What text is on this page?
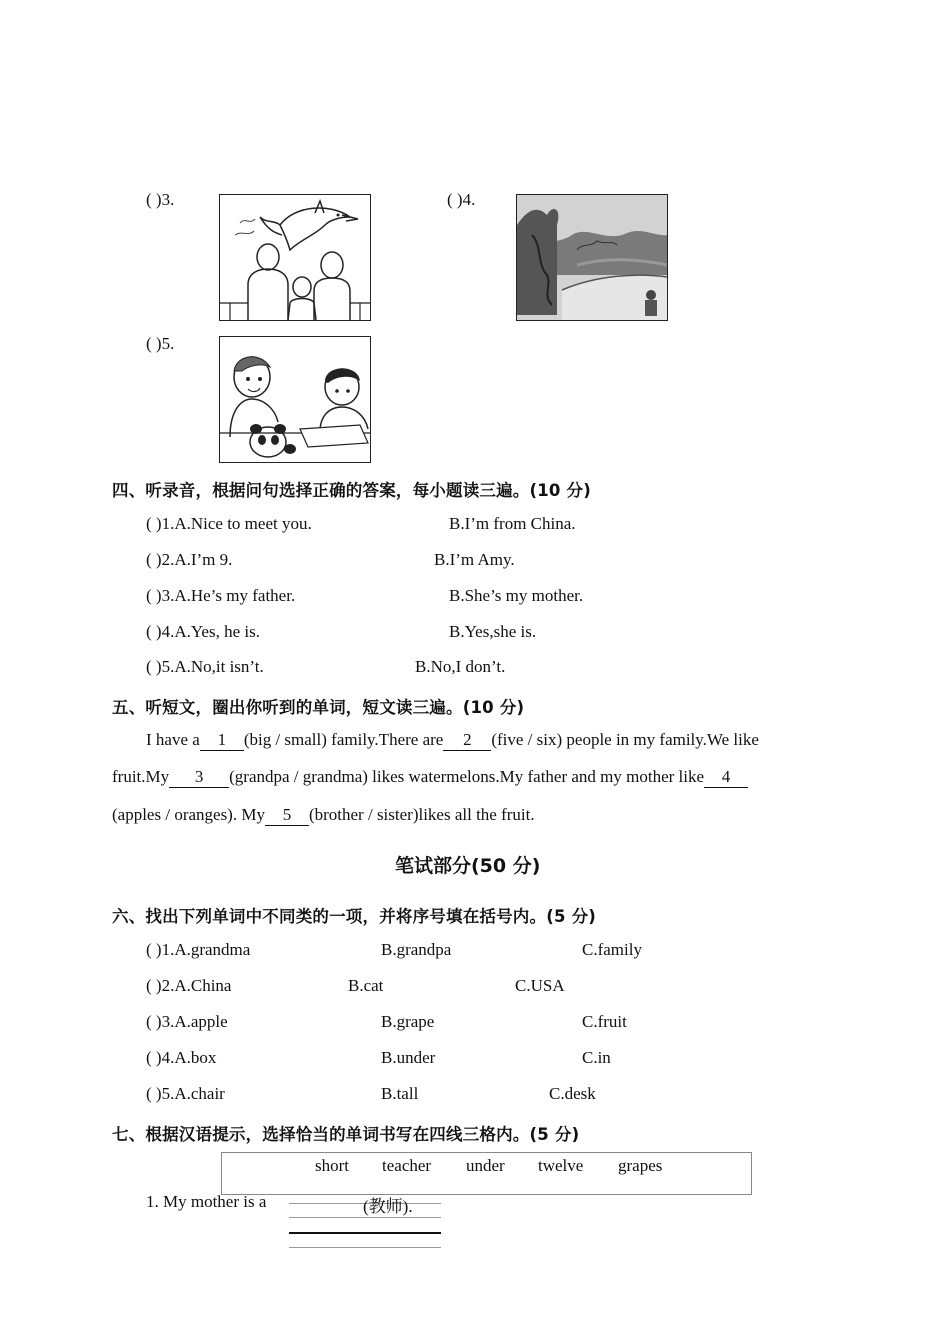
( )3.	( )4.
( )5.
四、听录音，根据问句选择正确的答案，每小题读三遍。(10 分)
( )1.A.Nice to meet you.	B.I’m from China.
( )2.A.I’m 9.	B.I’m Amy.
( )3.A.He’s my father.	B.She’s my mother.
( )4.A.Yes, he is.	B.Yes,she is.
( )5.A.No,it isn’t.	B.No,I don’t.
五、听短文，圈出你听到的单词，短文读三遍。(10 分)
I have a 1 (big / small) family.There are 2 (five / six) people in my family.We like
fruit.My 3 (grandpa / grandma) likes watermelons.My father and my mother like 4
(apples / oranges). My 5 (brother / sister)likes all the fruit.
笔试部分(50 分)
六、找出下列单词中不同类的一项，并将序号填在括号内。(5 分)
( )1.A.grandma	B.grandpa	C.family
( )2.A.China	B.cat	C.USA
( )3.A.apple	B.grape	C.fruit
( )4.A.box	B.under	C.in
( )5.A.chair	B.tall	C.desk
七、根据汉语提示，选择恰当的单词书写在四线三格内。(5 分)
short teacher under twelve grapes
1. My mother is a	(教师).
